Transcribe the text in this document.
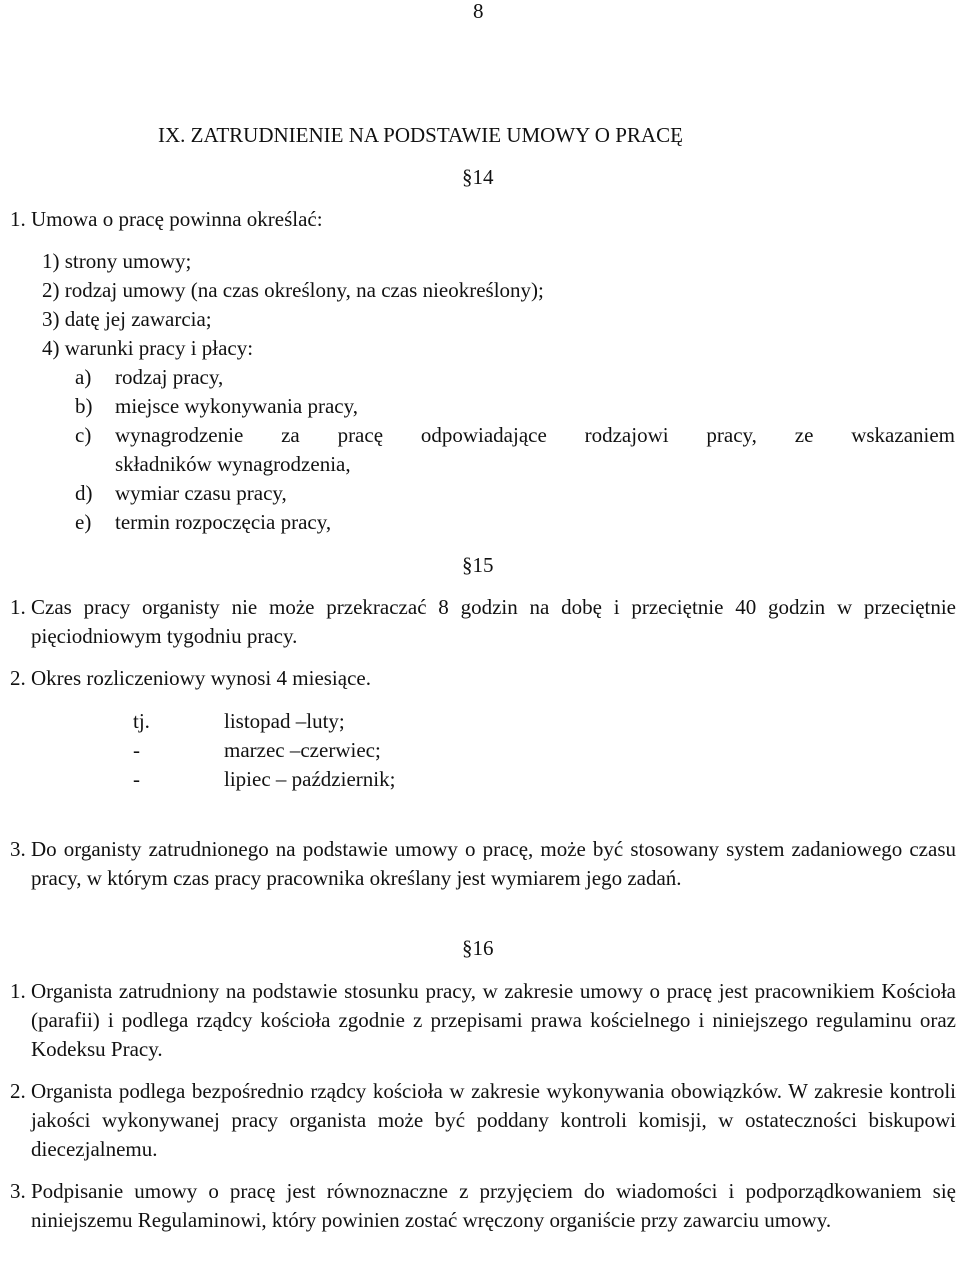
8
IX. ZATRUDNIENIE NA PODSTAWIE UMOWY O PRACĘ
§14
1. Umowa o pracę powinna określać:
1) strony umowy;
2) rodzaj umowy (na czas określony, na czas nieokreślony);
3) datę jej zawarcia;
4) warunki pracy i płacy:
a) rodzaj pracy,
b) miejsce wykonywania pracy,
c)	wynagrodzenie za pracę odpowiadające rodzajowi pracy, ze wskazaniem
składników wynagrodzenia,
d) wymiar czasu pracy,
e) termin rozpoczęcia pracy,
§15
1. Czas pracy organisty nie może przekraczać 8 godzin na dobę i przeciętnie 40 godzin w przeciętnie pięciodniowym tygodniu pracy.
2. Okres rozliczeniowy wynosi 4 miesiące.
tj.	listopad –luty;
-	marzec –czerwiec;
-	lipiec – październik;
3. Do organisty zatrudnionego na podstawie umowy o pracę, może być stosowany system zadaniowego czasu pracy, w którym czas pracy pracownika określany jest wymiarem jego zadań.
§16
1. Organista zatrudniony na podstawie stosunku pracy, w zakresie umowy o pracę jest pracownikiem Kościoła (parafii) i podlega rządcy kościoła zgodnie z przepisami prawa kościelnego i niniejszego regulaminu oraz Kodeksu Pracy.
2. Organista podlega bezpośrednio rządcy kościoła w zakresie wykonywania obowiązków. W zakresie kontroli jakości wykonywanej pracy organista może być poddany kontroli komisji, w ostateczności biskupowi diecezjalnemu.
3. Podpisanie umowy o pracę jest równoznaczne z przyjęciem do wiadomości i podporządkowaniem się niniejszemu Regulaminowi, który powinien zostać wręczony organiście przy zawarciu umowy.
